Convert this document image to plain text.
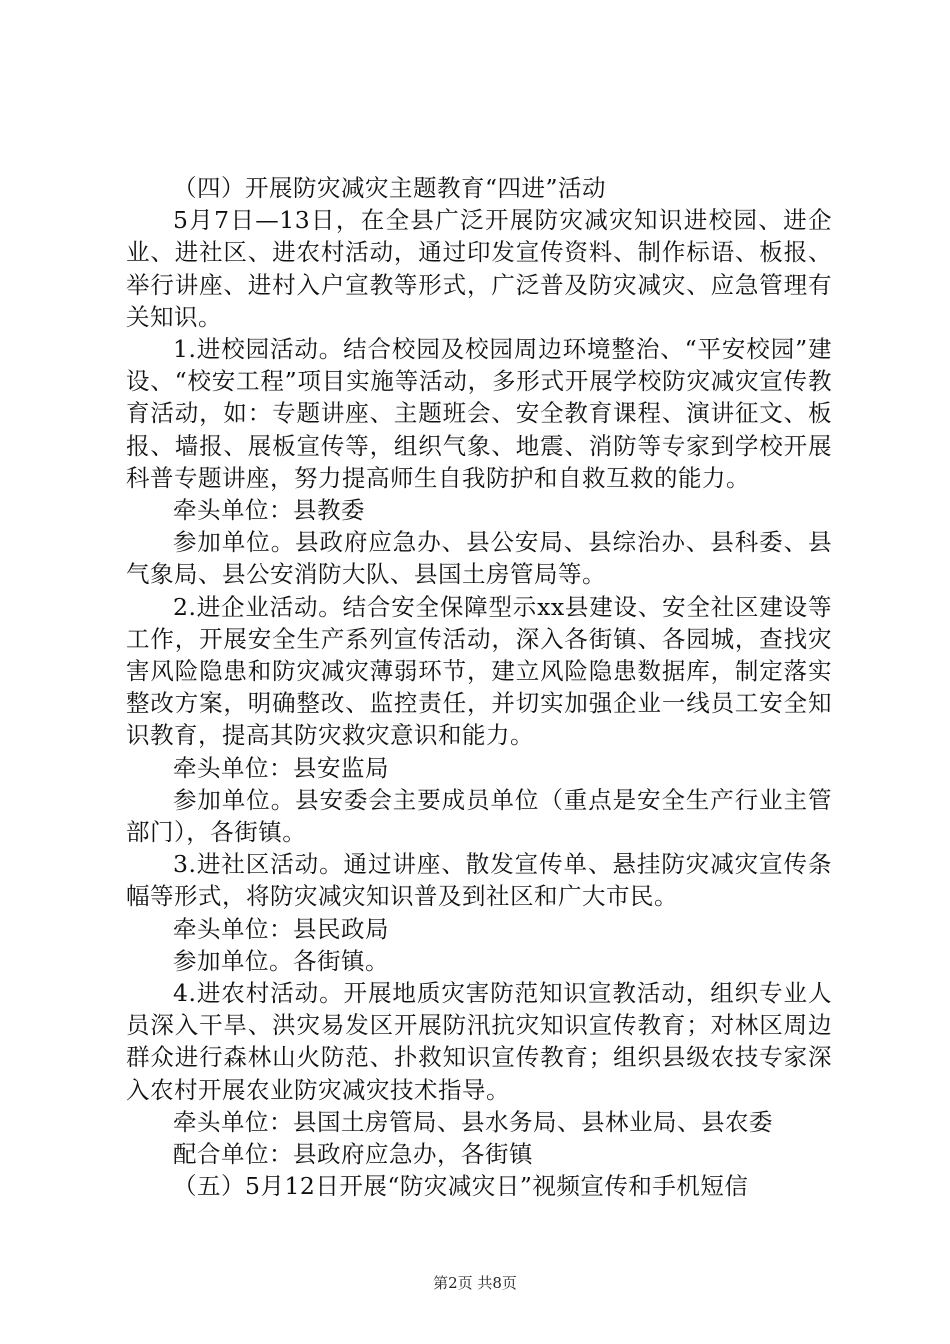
（四）开展防灾减灾主题教育“四进”活动

5月7日—13日，在全县广泛开展防灾减灾知识进校园、进企业、进社区、进农村活动，通过印发宣传资料、制作标语、板报、举行讲座、进村入户宣教等形式，广泛普及防灾减灾、应急管理有关知识。

1.进校园活动。结合校园及校园周边环境整治、“平安校园”建设、“校安工程”项目实施等活动，多形式开展学校防灾减灾宣传教育活动，如：专题讲座、主题班会、安全教育课程、演讲征文、板报、墙报、展板宣传等，组织气象、地震、消防等专家到学校开展科普专题讲座，努力提高师生自我防护和自救互救的能力。

牵头单位：县教委

参加单位。县政府应急办、县公安局、县综治办、县科委、县气象局、县公安消防大队、县国土房管局等。

2.进企业活动。结合安全保障型示xx县建设、安全社区建设等工作，开展安全生产系列宣传活动，深入各街镇、各园城，查找灾害风险隐患和防灾减灾薄弱环节，建立风险隐患数据库，制定落实整改方案，明确整改、监控责任，并切实加强企业一线员工安全知识教育，提高其防灾救灾意识和能力。

牵头单位：县安监局

参加单位。县安委会主要成员单位（重点是安全生产行业主管部门），各街镇。

3.进社区活动。通过讲座、散发宣传单、悬挂防灾减灾宣传条幅等形式，将防灾减灾知识普及到社区和广大市民。

牵头单位：县民政局

参加单位。各街镇。

4.进农村活动。开展地质灾害防范知识宣教活动，组织专业人员深入干旱、洪灾易发区开展防汛抗灾知识宣传教育；对林区周边群众进行森林山火防范、扑救知识宣传教育；组织县级农技专家深入农村开展农业防灾减灾技术指导。

牵头单位：县国土房管局、县水务局、县林业局、县农委

配合单位：县政府应急办，各街镇

（五）5月12日开展“防灾减灾日”视频宣传和手机短信

第2页 共8页
